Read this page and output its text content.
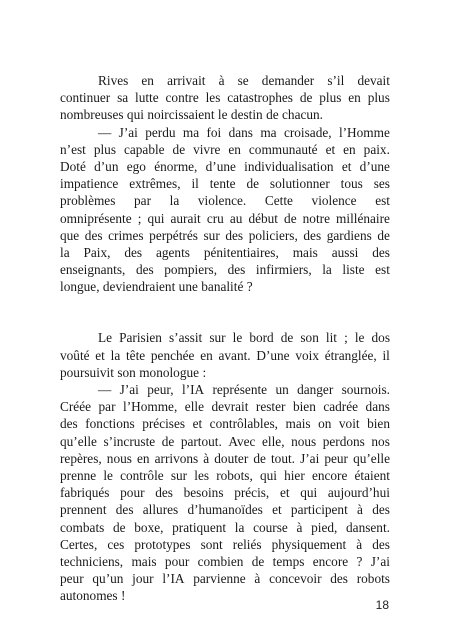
Rives en arrivait à se demander s’il devait
continuer sa lutte contre les catastrophes de plus en plus
nombreuses qui noircissaient le destin de chacun.
— J’ai perdu ma foi dans ma croisade, l’Homme
n’est plus capable de vivre en communauté et en paix.
Doté d’un ego énorme, d’une individualisation et d’une
impatience extrêmes, il tente de solutionner tous ses
problèmes par la violence. Cette violence est
omniprésente ; qui aurait cru au début de notre millénaire
que des crimes perpétrés sur des policiers, des gardiens de
la Paix, des agents pénitentiaires, mais aussi des
enseignants, des pompiers, des infirmiers, la liste est
longue, deviendraient une banalité ?
Le Parisien s’assit sur le bord de son lit ; le dos
voûté et la tête penchée en avant. D’une voix étranglée, il
poursuivit son monologue :
— J’ai peur, l’IA représente un danger sournois.
Créée par l’Homme, elle devrait rester bien cadrée dans
des fonctions précises et contrôlables, mais on voit bien
qu’elle s’incruste de partout. Avec elle, nous perdons nos
repères, nous en arrivons à douter de tout. J’ai peur qu’elle
prenne le contrôle sur les robots, qui hier encore étaient
fabriqués pour des besoins précis, et qui aujourd’hui
prennent des allures d’humanoïdes et participent à des
combats de boxe, pratiquent la course à pied, dansent.
Certes, ces prototypes sont reliés physiquement à des
techniciens, mais pour combien de temps encore ? J’ai
peur qu’un jour l’IA parvienne à concevoir des robots
autonomes !
18
